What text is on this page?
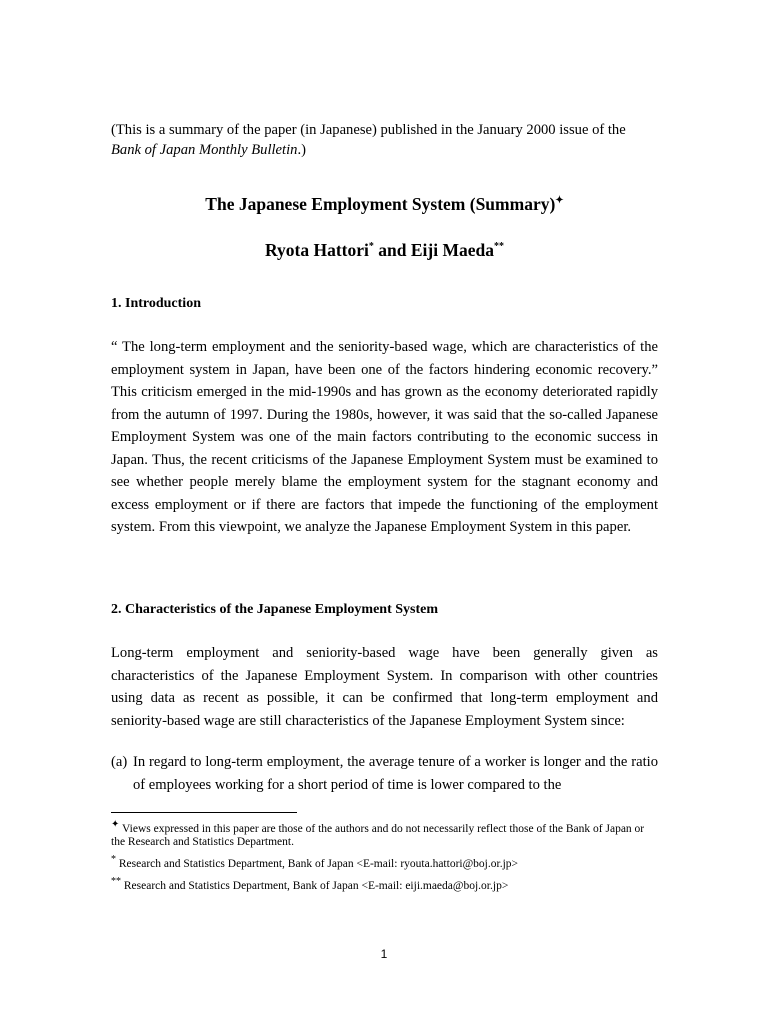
(This is a summary of the paper (in Japanese) published in the January 2000 issue of the Bank of Japan Monthly Bulletin.)

The Japanese Employment System (Summary)✦
Ryota Hattori* and Eiji Maeda**
1. Introduction

“ The long-term employment and the seniority-based wage, which are characteristics of the employment system in Japan, have been one of the factors hindering economic recovery.” This criticism emerged in the mid-1990s and has grown as the economy deteriorated rapidly from the autumn of 1997. During the 1980s, however, it was said that the so-called Japanese Employment System was one of the main factors contributing to the economic success in Japan. Thus, the recent criticisms of the Japanese Employment System must be examined to see whether people merely blame the employment system for the stagnant economy and excess employment or if there are factors that impede the functioning of the employment system. From this viewpoint, we analyze the Japanese Employment System in this paper.

2. Characteristics of the Japanese Employment System

Long-term employment and seniority-based wage have been generally given as characteristics of the Japanese Employment System. In comparison with other countries using data as recent as possible, it can be confirmed that long-term employment and seniority-based wage are still characteristics of the Japanese Employment System since:

(a) In regard to long-term employment, the average tenure of a worker is longer and the ratio of employees working for a short period of time is lower compared to the

✦ Views expressed in this paper are those of the authors and do not necessarily reflect those of the Bank of Japan or the Research and Statistics Department.

* Research and Statistics Department, Bank of Japan <E-mail: ryouta.hattori@boj.or.jp>

** Research and Statistics Department, Bank of Japan <E-mail: eiji.maeda@boj.or.jp>

1
